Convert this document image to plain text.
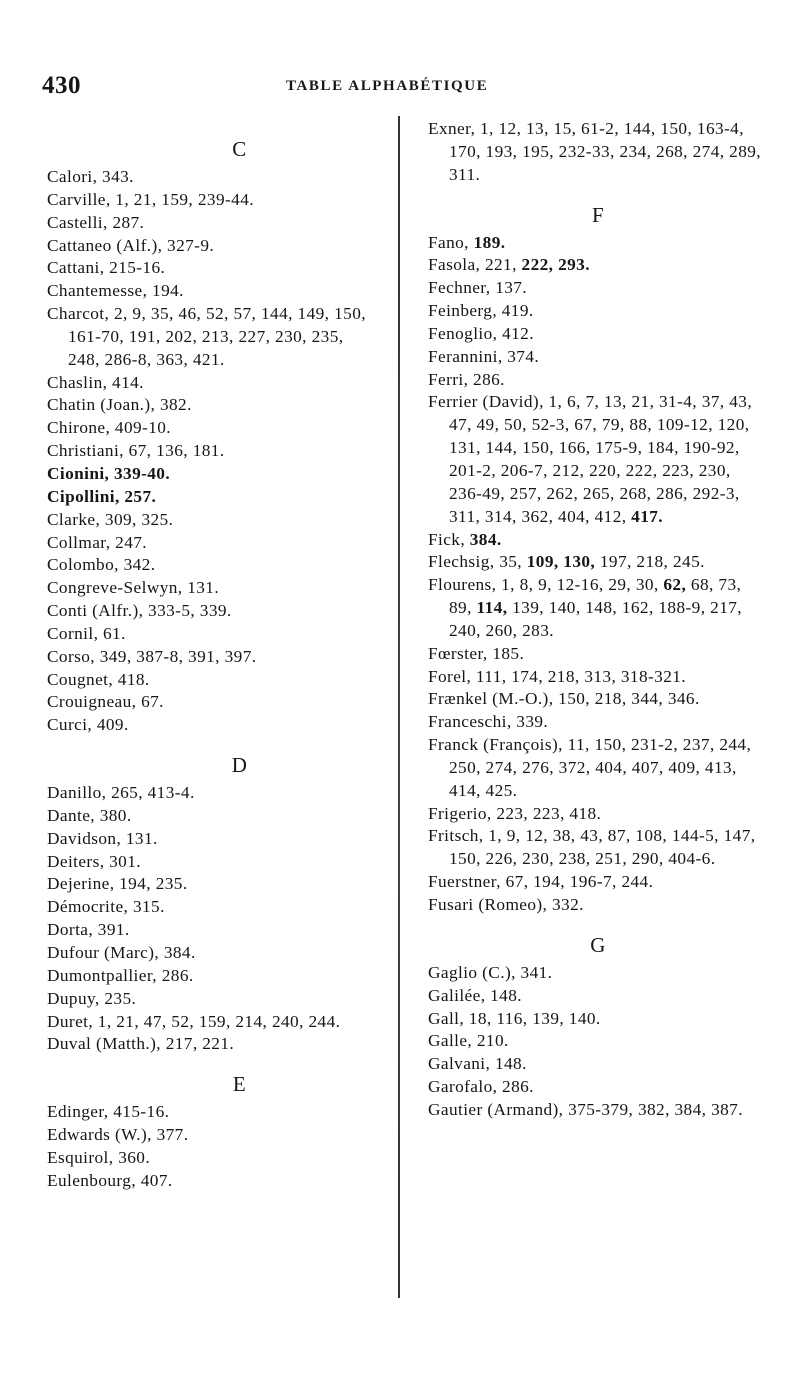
430	TABLE ALPHABÉTIQUE
C
Calori, 343.
Carville, 1, 21, 159, 239-44.
Castelli, 287.
Cattaneo (Alf.), 327-9.
Cattani, 215-16.
Chantemesse, 194.
Charcot, 2, 9, 35, 46, 52, 57, 144, 149, 150, 161-70, 191, 202, 213, 227, 230, 235, 248, 286-8, 363, 421.
Chaslin, 414.
Chatin (Joan.), 382.
Chirone, 409-10.
Christiani, 67, 136, 181.
Cionini, 339-40.
Cipollini, 257.
Clarke, 309, 325.
Collmar, 247.
Colombo, 342.
Congreve-Selwyn, 131.
Conti (Alfr.), 333-5, 339.
Cornil, 61.
Corso, 349, 387-8, 391, 397.
Cougnet, 418.
Crouigneau, 67.
Curci, 409.
D
Danillo, 265, 413-4.
Dante, 380.
Davidson, 131.
Deiters, 301.
Dejerine, 194, 235.
Démocrite, 315.
Dorta, 391.
Dufour (Marc), 384.
Dumontpallier, 286.
Dupuy, 235.
Duret, 1, 21, 47, 52, 159, 214, 240, 244.
Duval (Matth.), 217, 221.
E
Edinger, 415-16.
Edwards (W.), 377.
Esquirol, 360.
Eulenbourg, 407.
Exner, 1, 12, 13, 15, 61-2, 144, 150, 163-4, 170, 193, 195, 232-33, 234, 268, 274, 289, 311.
F
Fano, 189.
Fasola, 221, 222, 293.
Fechner, 137.
Feinberg, 419.
Fenoglio, 412.
Ferannini, 374.
Ferri, 286.
Ferrier (David), 1, 6, 7, 13, 21, 31-4, 37, 43, 47, 49, 50, 52-3, 67, 79, 88, 109-12, 120, 131, 144, 150, 166, 175-9, 184, 190-92, 201-2, 206-7, 212, 220, 222, 223, 230, 236-49, 257, 262, 265, 268, 286, 292-3, 311, 314, 362, 404, 412, 417.
Fick, 384.
Flechsig, 35, 109, 130, 197, 218, 245.
Flourens, 1, 8, 9, 12-16, 29, 30, 62, 68, 73, 89, 114, 139, 140, 148, 162, 188-9, 217, 240, 260, 283.
Fœrster, 185.
Forel, 111, 174, 218, 313, 318-321.
Frænkel (M.-O.), 150, 218, 344, 346.
Franceschi, 339.
Franck (François), 11, 150, 231-2, 237, 244, 250, 274, 276, 372, 404, 407, 409, 413, 414, 425.
Frigerio, 223, 223, 418.
Fritsch, 1, 9, 12, 38, 43, 87, 108, 144-5, 147, 150, 226, 230, 238, 251, 290, 404-6.
Fuerstner, 67, 194, 196-7, 244.
Fusari (Romeo), 332.
G
Gaglio (C.), 341.
Galilée, 148.
Gall, 18, 116, 139, 140.
Galle, 210.
Galvani, 148.
Garofalo, 286.
Gautier (Armand), 375-379, 382, 384, 387.
